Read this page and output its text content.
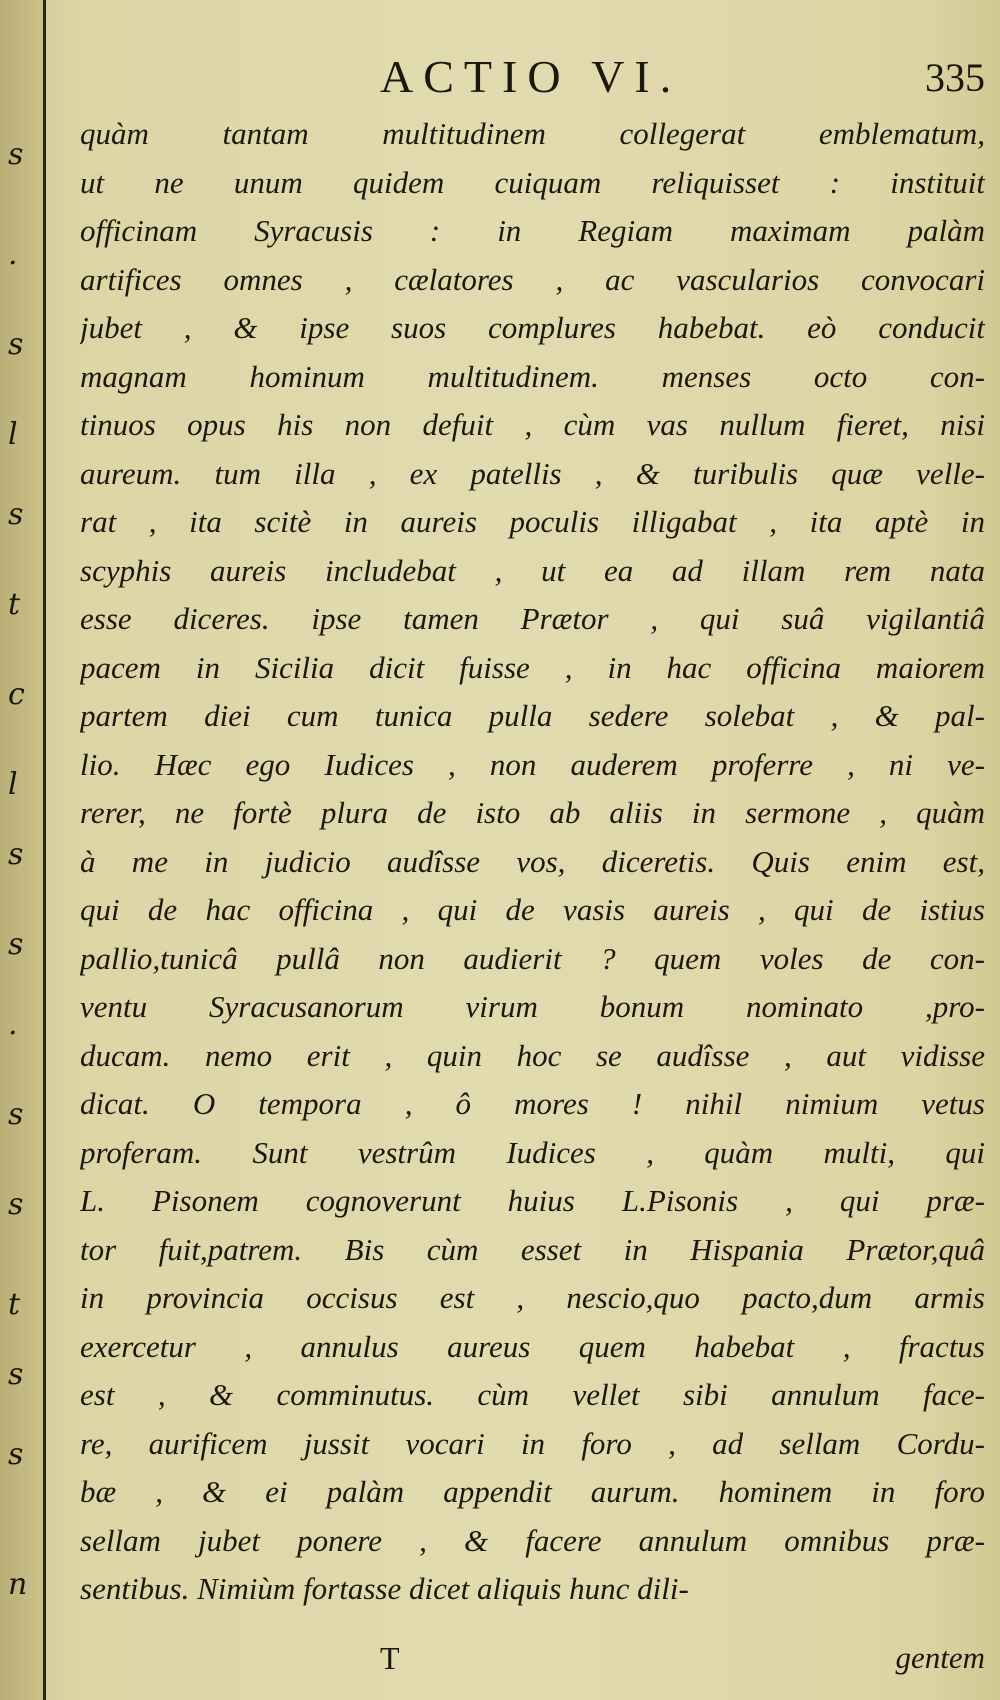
s
.
s
l
s
t
c
l
s
s
.
s
s
t
s
s
n
ACTIO VI.	335
quàm tantam multitudinem collegerat emblematum,
ut ne unum quidem cuiquam reliquisset : instituit
officinam Syracusis : in Regiam maximam palàm
artifices omnes , cælatores , ac vascularios convocari
jubet , & ipse suos complures habebat. eò conducit
magnam hominum multitudinem. menses octo con-
tinuos opus his non defuit , cùm vas nullum fieret, nisi
aureum. tum illa , ex patellis , & turibulis quæ velle-
rat , ita scitè in aureis poculis illigabat , ita aptè in
scyphis aureis includebat , ut ea ad illam rem nata
esse diceres. ipse tamen Prætor , qui suâ vigilantiâ
pacem in Sicilia dicit fuisse , in hac officina maiorem
partem diei cum tunica pulla sedere solebat , & pal-
lio. Hæc ego Iudices , non auderem proferre , ni ve-
rerer, ne fortè plura de isto ab aliis in sermone , quàm
à me in judicio audîsse vos, diceretis. Quis enim est,
qui de hac officina , qui de vasis aureis , qui de istius
pallio,tunicâ pullâ non audierit ? quem voles de con-
ventu Syracusanorum virum bonum nominato ,pro-
ducam. nemo erit , quin hoc se audîsse , aut vidisse
dicat. O tempora , ô mores ! nihil nimium vetus
proferam. Sunt vestrûm Iudices , quàm multi, qui
L. Pisonem cognoverunt huius L.Pisonis , qui præ-
tor fuit,patrem. Bis cùm esset in Hispania Prætor,quâ
in provincia occisus est , nescio,quo pacto,dum armis
exercetur , annulus aureus quem habebat , fractus
est , & comminutus. cùm vellet sibi annulum face-
re, aurificem jussit vocari in foro , ad sellam Cordu-
bæ , & ei palàm appendit aurum. hominem in foro
sellam jubet ponere , & facere annulum omnibus præ-
sentibus. Nimiùm fortasse dicet aliquis hunc dili-
T	gentem
